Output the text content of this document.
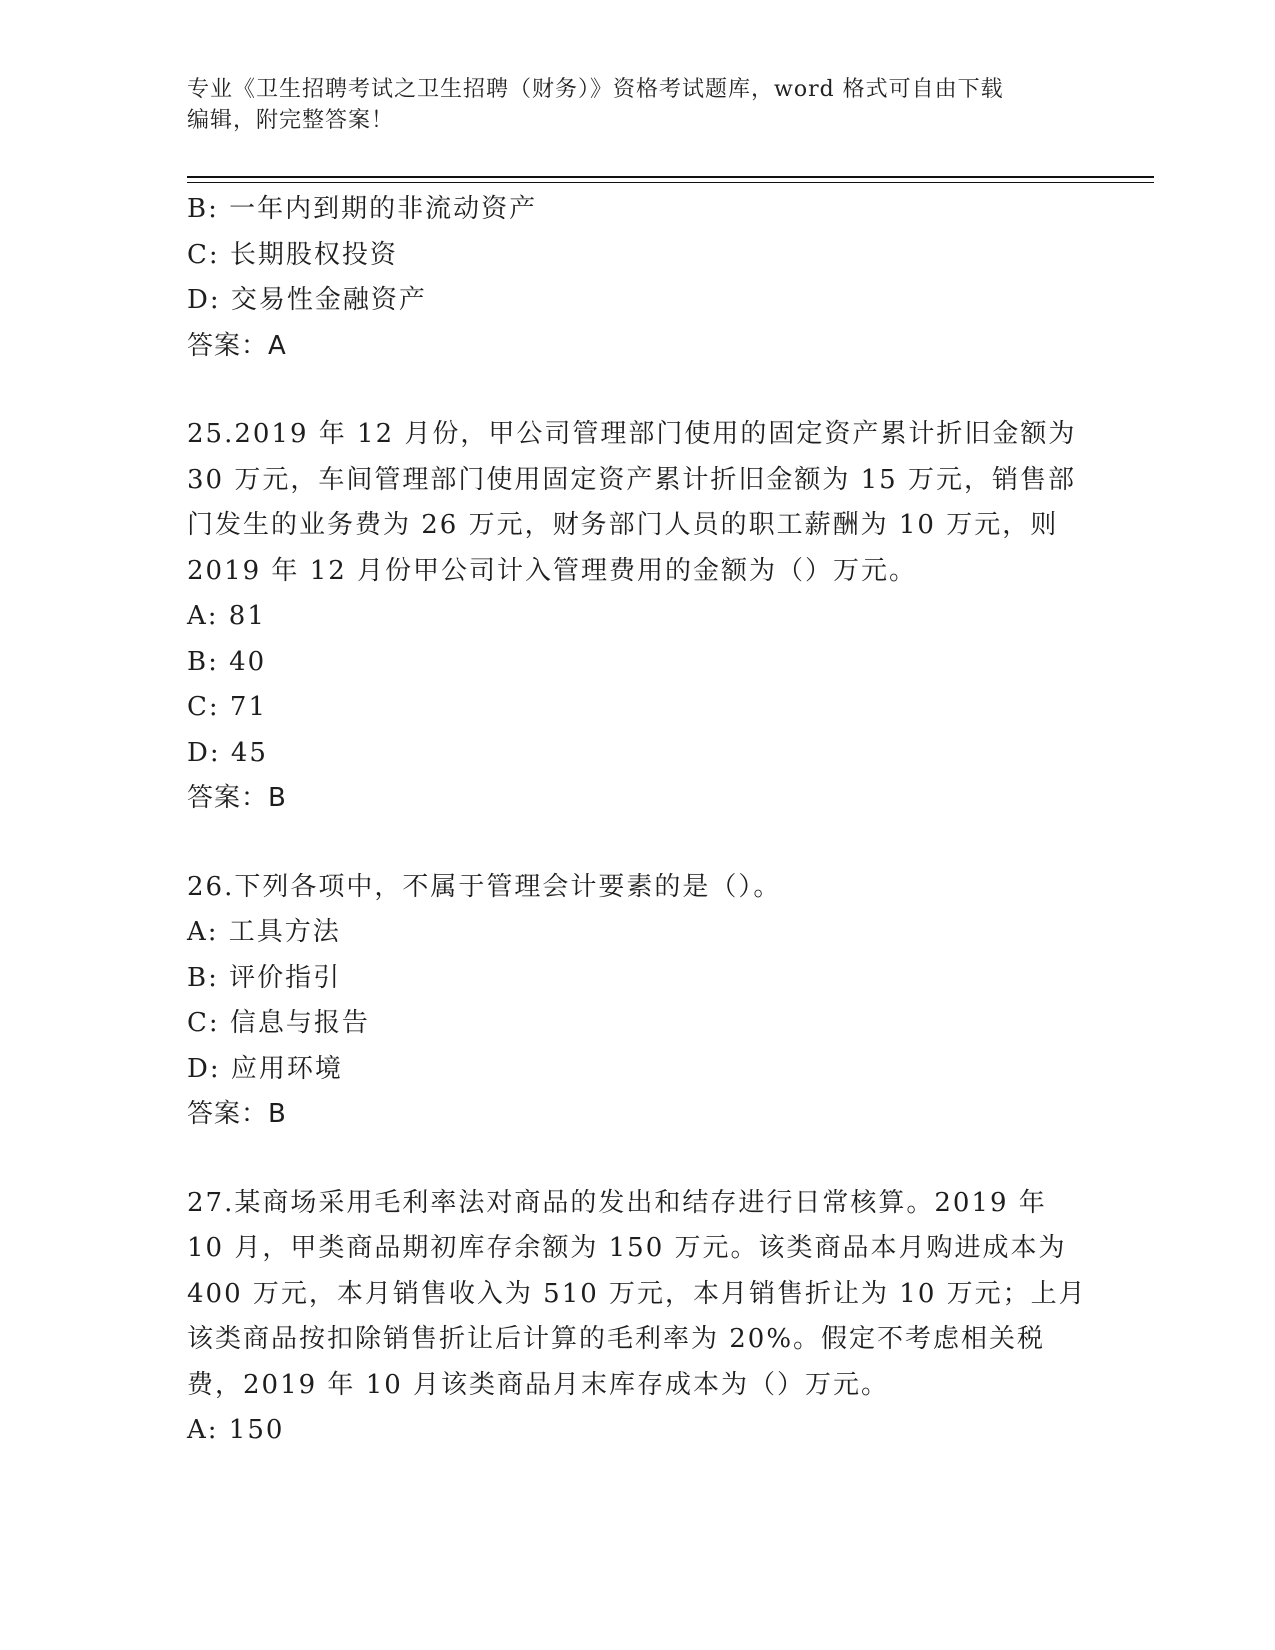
专业《卫生招聘考试之卫生招聘（财务）》资格考试题库，word 格式可自由下载
编辑，附完整答案！
B: 一年内到期的非流动资产
C: 长期股权投资
D: 交易性金融资产
答案：A
25.2019 年 12 月份，甲公司管理部门使用的固定资产累计折旧金额为
30 万元，车间管理部门使用固定资产累计折旧金额为 15 万元，销售部
门发生的业务费为 26 万元，财务部门人员的职工薪酬为 10 万元，则
2019 年 12 月份甲公司计入管理费用的金额为（）万元。
A: 81
B: 40
C: 71
D: 45
答案：B
26.下列各项中，不属于管理会计要素的是（）。
A: 工具方法
B: 评价指引
C: 信息与报告
D: 应用环境
答案：B
27.某商场采用毛利率法对商品的发出和结存进行日常核算。2019 年
10 月，甲类商品期初库存余额为 150 万元。该类商品本月购进成本为
400 万元，本月销售收入为 510 万元，本月销售折让为 10 万元；上月
该类商品按扣除销售折让后计算的毛利率为 20%。假定不考虑相关税
费，2019 年 10 月该类商品月末库存成本为（）万元。
A: 150
